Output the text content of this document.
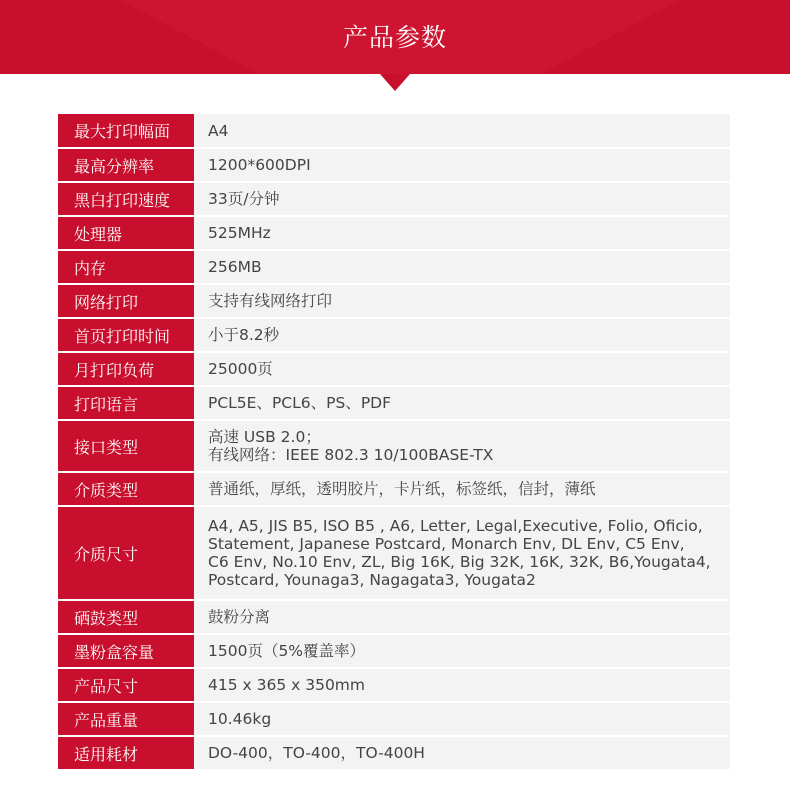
产品参数
最大打印幅面	A4

最高分辨率	1200*600DPI

黑白打印速度	33页/分钟

处理器	525MHz

内存	256MB

网络打印	支持有线网络打印

首页打印时间	小于8.2秒

月打印负荷	25000页

打印语言	PCL5E、PCL6、PS、PDF

接口类型	高速 USB 2.0；
有线网络：IEEE 802.3 10/100BASE-TX

介质类型	普通纸，厚纸，透明胶片，卡片纸，标签纸，信封，薄纸

介质尺寸	A4, A5, JIS B5, ISO B5 , A6, Letter, Legal,Executive, Folio, Oficio,
Statement, Japanese Postcard, Monarch Env, DL Env, C5 Env,
C6 Env, No.10 Env, ZL, Big 16K, Big 32K, 16K, 32K, B6,Yougata4,
Postcard, Younaga3, Nagagata3, Yougata2

硒鼓类型	鼓粉分离

墨粉盒容量	1500页（5%覆盖率）

产品尺寸	415 x 365 x 350mm

产品重量	10.46kg

适用耗材	DO-400，TO-400，TO-400H
